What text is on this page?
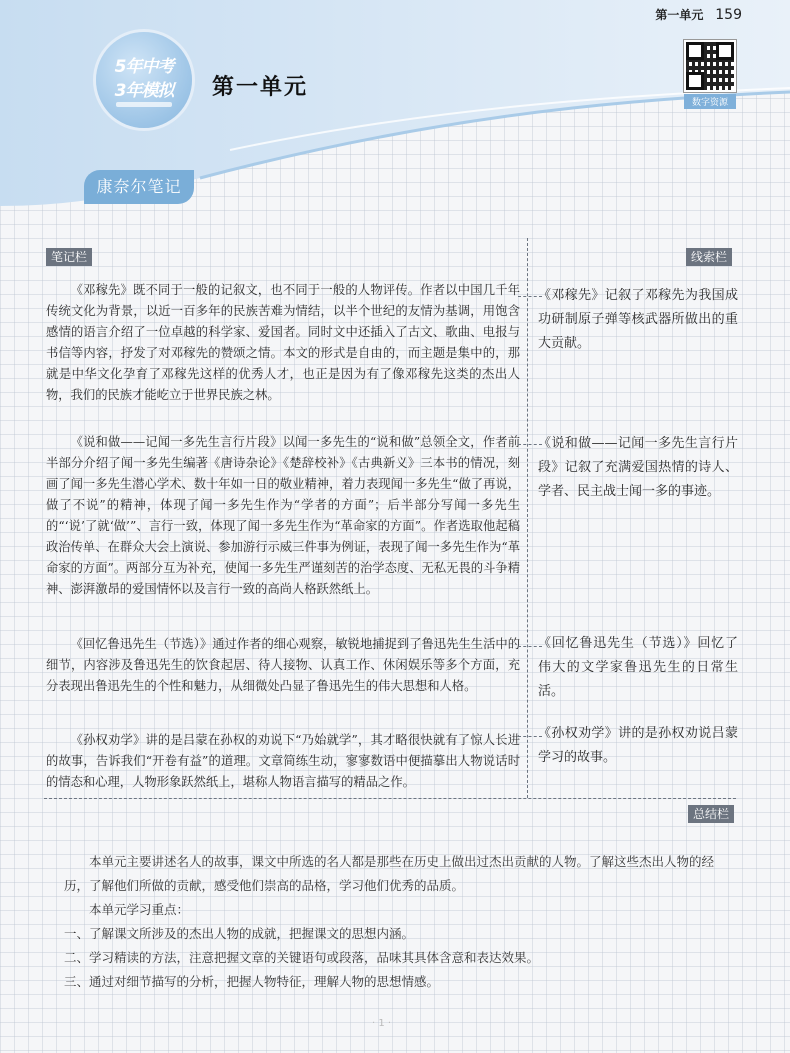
第一单元 159
5年中考
3年模拟	第一单元
数字资源
康奈尔笔记
笔记栏	线索栏
总结栏

《邓稼先》既不同于一般的记叙文，也不同于一般的人物评传。作者以中国几千年传统文化为背景，以近一百多年的民族苦难为情结，以半个世纪的友情为基调，用饱含感情的语言介绍了一位卓越的科学家、爱国者。同时文中还插入了古文、歌曲、电报与书信等内容，抒发了对邓稼先的赞颂之情。本文的形式是自由的，而主题是集中的，那就是中华文化孕育了邓稼先这样的优秀人才，也正是因为有了像邓稼先这类的杰出人物，我们的民族才能屹立于世界民族之林。

《说和做——记闻一多先生言行片段》以闻一多先生的“说和做”总领全文，作者前半部分介绍了闻一多先生编著《唐诗杂论》《楚辞校补》《古典新义》三本书的情况，刻画了闻一多先生潜心学术、数十年如一日的敬业精神，着力表现闻一多先生“做了再说，做了不说”的精神，体现了闻一多先生作为“学者的方面”；后半部分写闻一多先生的“‘说’了就‘做’”、言行一致，体现了闻一多先生作为“革命家的方面”。作者选取他起稿政治传单、在群众大会上演说、参加游行示威三件事为例证，表现了闻一多先生作为“革命家的方面”。两部分互为补充，使闻一多先生严谨刻苦的治学态度、无私无畏的斗争精神、澎湃激昂的爱国情怀以及言行一致的高尚人格跃然纸上。

《回忆鲁迅先生（节选）》通过作者的细心观察，敏锐地捕捉到了鲁迅先生生活中的细节，内容涉及鲁迅先生的饮食起居、待人接物、认真工作、休闲娱乐等多个方面，充分表现出鲁迅先生的个性和魅力，从细微处凸显了鲁迅先生的伟大思想和人格。

《孙权劝学》讲的是吕蒙在孙权的劝说下“乃始就学”，其才略很快就有了惊人长进的故事，告诉我们“开卷有益”的道理。文章简练生动，寥寥数语中便描摹出人物说话时的情态和心理，人物形象跃然纸上，堪称人物语言描写的精品之作。

《邓稼先》记叙了邓稼先为我国成功研制原子弹等核武器所做出的重大贡献。

《说和做——记闻一多先生言行片段》记叙了充满爱国热情的诗人、学者、民主战士闻一多的事迹。

《回忆鲁迅先生（节选）》回忆了伟大的文学家鲁迅先生的日常生活。

《孙权劝学》讲的是孙权劝说吕蒙学习的故事。

本单元主要讲述名人的故事，课文中所选的名人都是那些在历史上做出过杰出贡献的人物。了解这些杰出人物的经历，了解他们所做的贡献，感受他们崇高的品格，学习他们优秀的品质。

本单元学习重点：

一、了解课文所涉及的杰出人物的成就，把握课文的思想内涵。

二、学习精读的方法，注意把握文章的关键语句或段落，品味其具体含意和表达效果。

三、通过对细节描写的分析，把握人物特征，理解人物的思想情感。

· 1 ·
